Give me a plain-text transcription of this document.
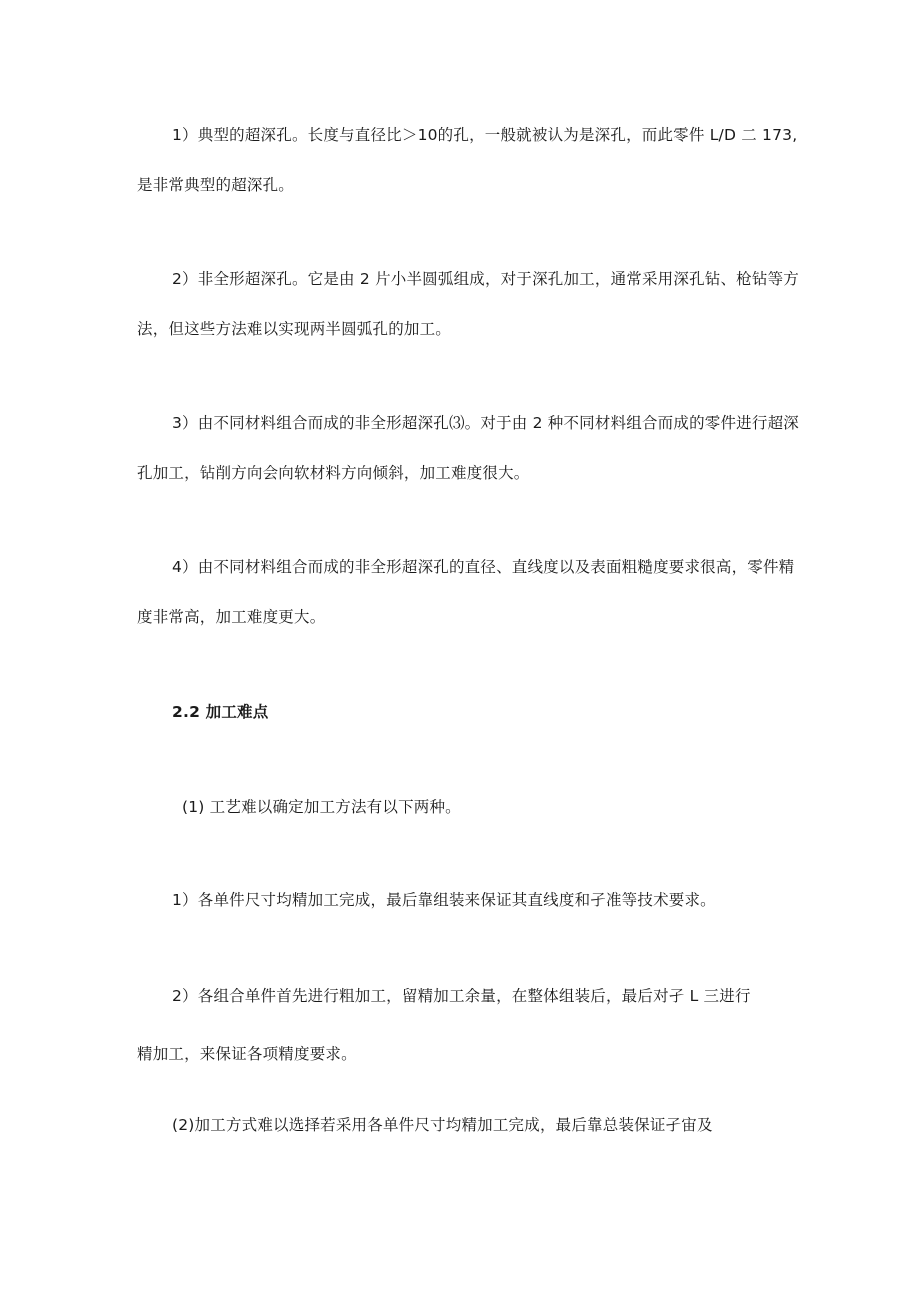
1）典型的超深孔。长度与直径比＞10的孔，一般就被认为是深孔，而此零件 L/D 二 173,
是非常典型的超深孔。
2）非全形超深孔。它是由 2 片小半圆弧组成，对于深孔加工，通常采用深孔钻、枪钻等方
法，但这些方法难以实现两半圆弧孔的加工。
3）由不同材料组合而成的非全形超深孔⑶。对于由 2 种不同材料组合而成的零件进行超深
孔加工，钻削方向会向软材料方向倾斜，加工难度很大。
4）由不同材料组合而成的非全形超深孔的直径、直线度以及表面粗糙度要求很高，零件精
度非常高，加工难度更大。
2.2 加工难点
(1) 工艺难以确定加工方法有以下两种。
1）各单件尺寸均精加工完成，最后靠组装来保证其直线度和孑准等技术要求。
2）各组合单件首先进行粗加工，留精加工余量，在整体组装后，最后对孑 L 三进行
精加工，来保证各项精度要求。
(2)加工方式难以选择若采用各单件尺寸均精加工完成，最后靠总装保证孑宙及
